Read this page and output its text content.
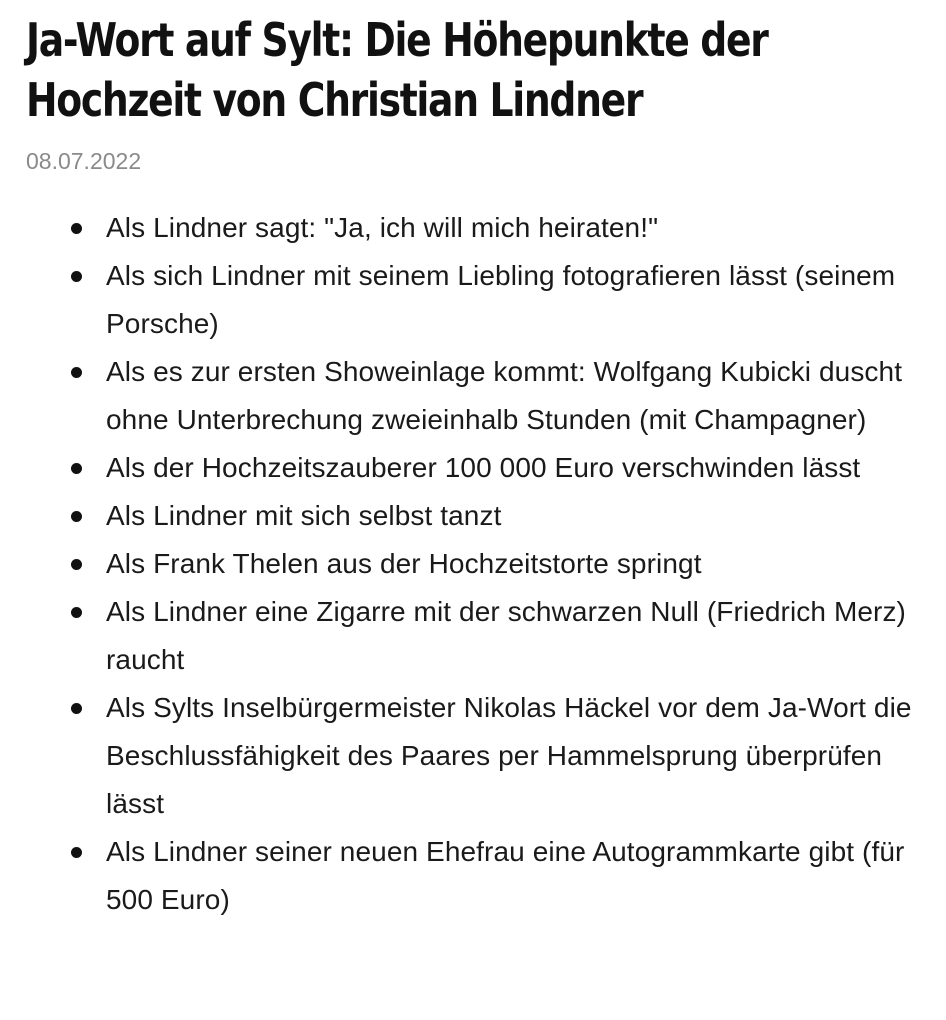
Ja-Wort auf Sylt: Die Höhepunkte der Hochzeit von Christian Lindner
08.07.2022
Als Lindner sagt: "Ja, ich will mich heiraten!"
Als sich Lindner mit seinem Liebling fotografieren lässt (seinem Porsche)
Als es zur ersten Showeinlage kommt: Wolfgang Kubicki duscht ohne Unterbrechung zweieinhalb Stunden (mit Champagner)
Als der Hochzeitszauberer 100 000 Euro verschwinden lässt
Als Lindner mit sich selbst tanzt
Als Frank Thelen aus der Hochzeitstorte springt
Als Lindner eine Zigarre mit der schwarzen Null (Friedrich Merz) raucht
Als Sylts Inselbürgermeister Nikolas Häckel vor dem Ja-Wort die Beschlussfähigkeit des Paares per Hammelsprung überprüfen lässt
Als Lindner seiner neuen Ehefrau eine Autogrammkarte gibt (für 500 Euro)
